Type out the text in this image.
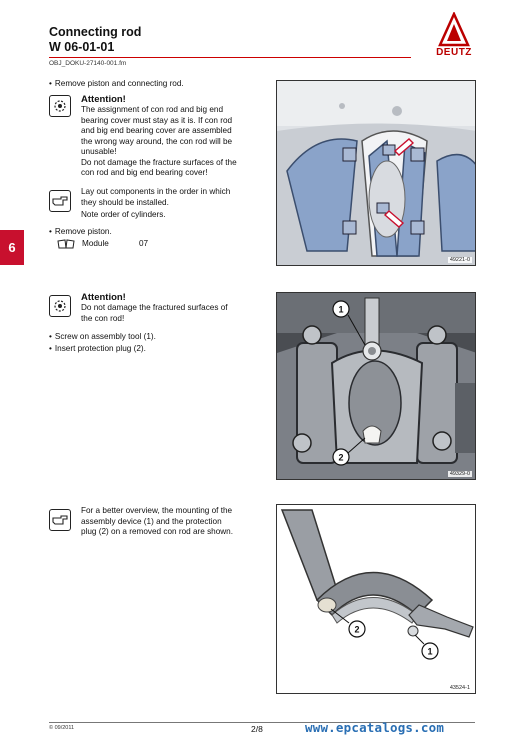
Connecting rod
W 06-01-01
OBJ_DOKU-27140-001.fm
DEUTZ
6
• Remove piston and connecting rod.
Attention!
The assignment of con rod and big end
bearing cover must stay as it is. If con rod
and big end bearing cover are assembled
the wrong way around, the con rod will be
unusable!
Do not damage the fracture surfaces of the
con rod and big end bearing cover!
Lay out components in the order in which
they should be installed.
Note order of cylinders.
• Remove piston.
Module	07
49221-0
Attention!
Do not damage the fractured surfaces of
the con rod!
• Screw on assembly tool (1).
• Insert protection plug (2).
1
2
49329-0
For a better overview, the mounting of the
assembly device (1) and the protection
plug (2) on a removed con rod are shown.
2
1
43524-1
© 09/2011	2/8	www.epcatalogs.com
